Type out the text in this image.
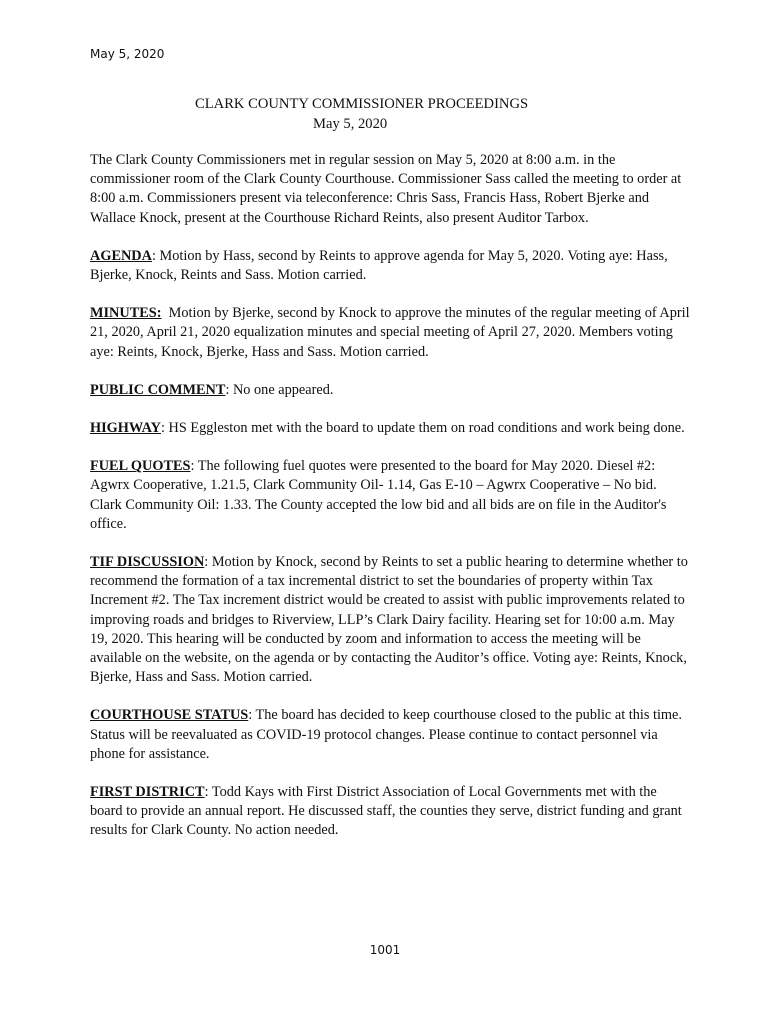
May 5, 2020
CLARK COUNTY COMMISSIONER PROCEEDINGS
May 5, 2020

The Clark County Commissioners met in regular session on May 5, 2020 at 8:00 a.m. in the commissioner room of the Clark County Courthouse. Commissioner Sass called the meeting to order at 8:00 a.m. Commissioners present via teleconference: Chris Sass, Francis Hass, Robert Bjerke and Wallace Knock, present at the Courthouse Richard Reints, also present Auditor Tarbox.

AGENDA: Motion by Hass, second by Reints to approve agenda for May 5, 2020. Voting aye: Hass, Bjerke, Knock, Reints and Sass. Motion carried.

MINUTES:  Motion by Bjerke, second by Knock to approve the minutes of the regular meeting of April 21, 2020, April 21, 2020 equalization minutes and special meeting of April 27, 2020. Members voting aye: Reints, Knock, Bjerke, Hass and Sass. Motion carried.

PUBLIC COMMENT: No one appeared.

HIGHWAY: HS Eggleston met with the board to update them on road conditions and work being done.

FUEL QUOTES: The following fuel quotes were presented to the board for May 2020. Diesel #2: Agwrx Cooperative, 1.21.5, Clark Community Oil- 1.14, Gas E-10 – Agwrx Cooperative – No bid. Clark Community Oil: 1.33. The County accepted the low bid and all bids are on file in the Auditor's office.

TIF DISCUSSION: Motion by Knock, second by Reints to set a public hearing to determine whether to recommend the formation of a tax incremental district to set the boundaries of property within Tax Increment #2. The Tax increment district would be created to assist with public improvements related to improving roads and bridges to Riverview, LLP’s Clark Dairy facility. Hearing set for 10:00 a.m. May 19, 2020. This hearing will be conducted by zoom and information to access the meeting will be available on the website, on the agenda or by contacting the Auditor’s office. Voting aye: Reints, Knock, Bjerke, Hass and Sass. Motion carried.

COURTHOUSE STATUS: The board has decided to keep courthouse closed to the public at this time. Status will be reevaluated as COVID-19 protocol changes. Please continue to contact personnel via phone for assistance.

FIRST DISTRICT: Todd Kays with First District Association of Local Governments met with the board to provide an annual report. He discussed staff, the counties they serve, district funding and grant results for Clark County. No action needed.

1001
